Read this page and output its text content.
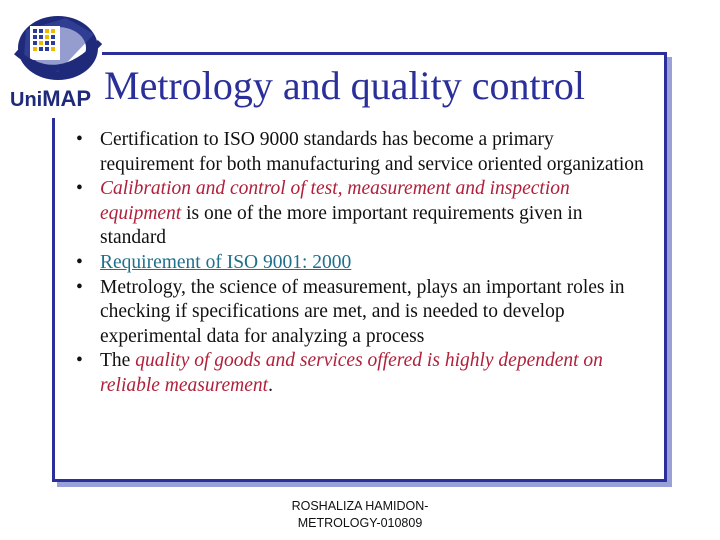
UniMAP Metrology and quality control
• Certification to ISO 9000 standards has become a primary requirement for both manufacturing and service oriented organization
• Calibration and control of test, measurement and inspection equipment is one of the more important requirements given in standard
• Requirement of ISO 9001: 2000
• Metrology, the science of measurement, plays an important roles in checking if specifications are met, and is needed to develop experimental data for analyzing a process
• The quality of goods and services offered is highly dependent on reliable measurement.
ROSHALIZA HAMIDON-
METROLOGY-010809
